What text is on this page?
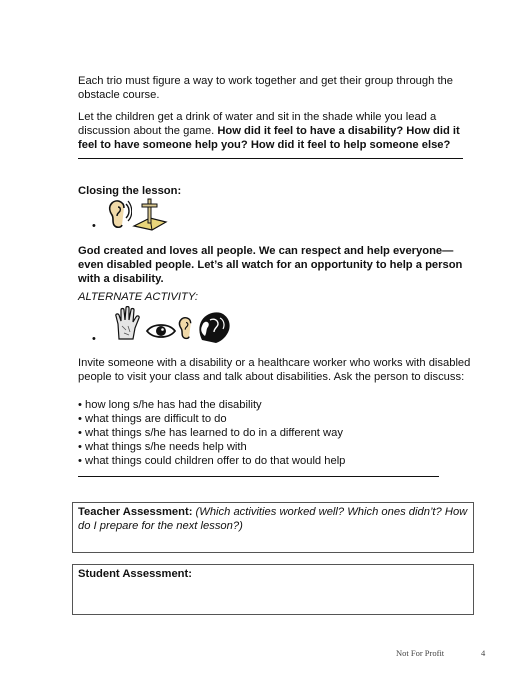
Each trio must figure a way to work together and get their group through the obstacle course.
Let the children get a drink of water and sit in the shade while you lead a discussion about the game. How did it feel to have a disability? How did it feel to have someone help you? How did it feel to help someone else?
Closing the lesson:
•
God created and loves all people. We can respect and help everyone—even disabled people. Let’s all watch for an opportunity to help a person with a disability.
ALTERNATE ACTIVITY:
•
Invite someone with a disability or a healthcare worker who works with disabled people to visit your class and talk about disabilities. Ask the person to discuss:
• how long s/he has had the disability
• what things are difficult to do
• what things s/he has learned to do in a different way
• what things s/he needs help with
• what things could children offer to do that would help
Teacher Assessment: (Which activities worked well? Which ones didn’t? How do I prepare for the next lesson?)
Student Assessment:
Not For Profit	4
